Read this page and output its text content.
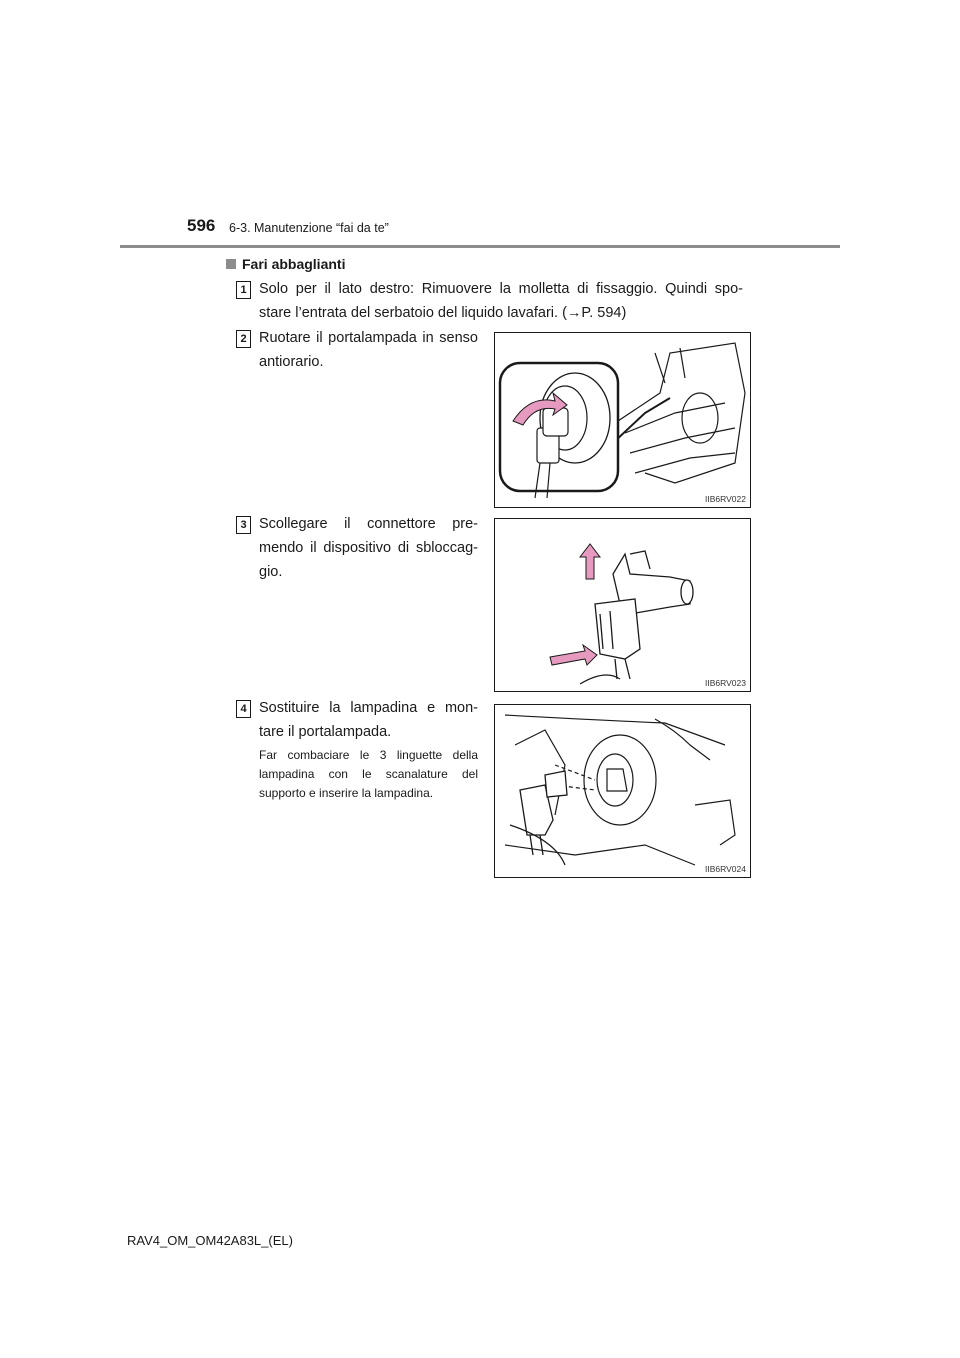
596 6-3. Manutenzione “fai da te”
Fari abbaglianti
1 Solo per il lato destro: Rimuovere la molletta di fissaggio. Quindi spo-
stare l’entrata del serbatoio del liquido lavafari. (→P. 594)
2 Ruotare il portalampada in senso antiorario.
IIB6RV022
3 Scollegare il connettore pre-mendo il dispositivo di sbloccag-gio.
IIB6RV023
4 Sostituire la lampadina e mon-tare il portalampada.
Far combaciare le 3 linguette della lampadina con le scanalature del supporto e inserire la lampadina.
IIB6RV024
RAV4_OM_OM42A83L_(EL)
